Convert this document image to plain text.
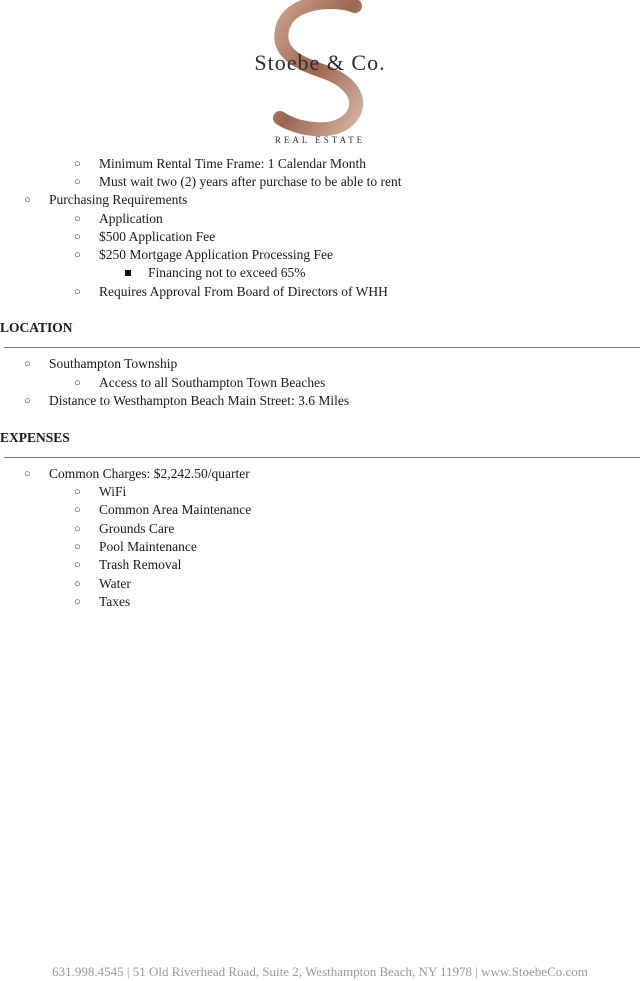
Stoebe & Co.
REAL ESTATE
○ Minimum Rental Time Frame: 1 Calendar Month
○ Must wait two (2) years after purchase to be able to rent
○ Purchasing Requirements
○ Application
○ $500 Application Fee
○ $250 Mortgage Application Processing Fee
Financing not to exceed 65%
○ Requires Approval From Board of Directors of WHH
LOCATION
○ Southampton Township
○ Access to all Southampton Town Beaches
○ Distance to Westhampton Beach Main Street: 3.6 Miles
EXPENSES
○ Common Charges: $2,242.50/quarter
○ WiFi
○ Common Area Maintenance
○ Grounds Care
○ Pool Maintenance
○ Trash Removal
○ Water
○ Taxes
631.998.4545 | 51 Old Riverhead Road, Suite 2, Westhampton Beach, NY 11978 | www.StoebeCo.com
